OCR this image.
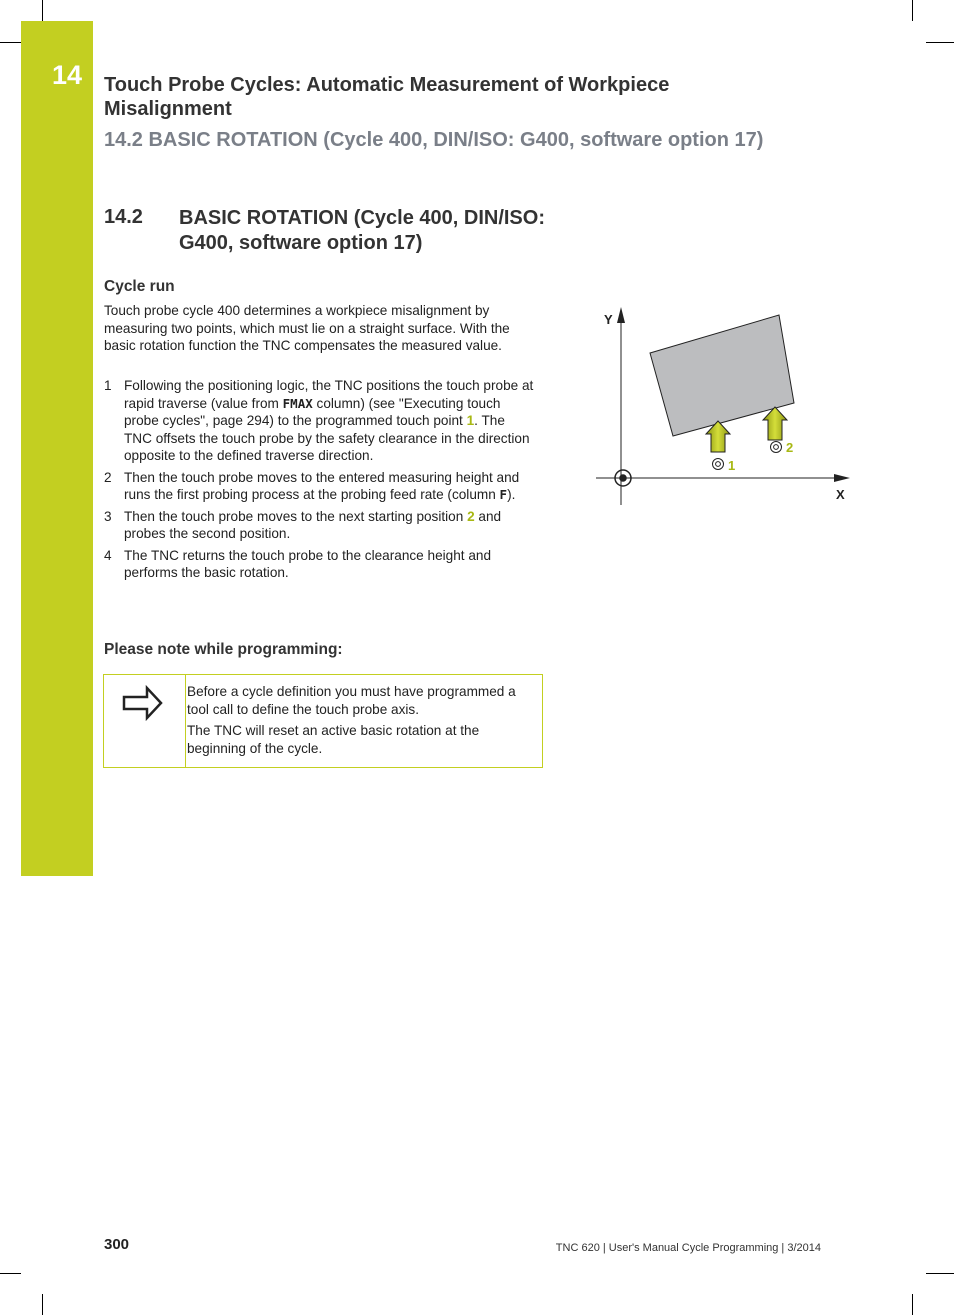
14 Touch Probe Cycles: Automatic Measurement of Workpiece Misalignment
14.2 BASIC ROTATION (Cycle 400, DIN/ISO: G400, software option 17)
14.2 BASIC ROTATION (Cycle 400, DIN/ISO: G400, software option 17)
Cycle run
Touch probe cycle 400 determines a workpiece misalignment by measuring two points, which must lie on a straight surface. With the basic rotation function the TNC compensates the measured value.
1 Following the positioning logic, the TNC positions the touch probe at rapid traverse (value from FMAX column) (see "Executing touch probe cycles", page 294) to the programmed touch point 1. The TNC offsets the touch probe by the safety clearance in the direction opposite to the defined traverse direction.
2 Then the touch probe moves to the entered measuring height and runs the first probing process at the probing feed rate (column F).
3 Then the touch probe moves to the next starting position 2 and probes the second position.
4 The TNC returns the touch probe to the clearance height and performs the basic rotation.
Please note while programming:

Before a cycle definition you must have programmed a tool call to define the touch probe axis.

The TNC will reset an active basic rotation at the beginning of the cycle.

Y
X
1
2
300	TNC 620 | User's Manual Cycle Programming | 3/2014
